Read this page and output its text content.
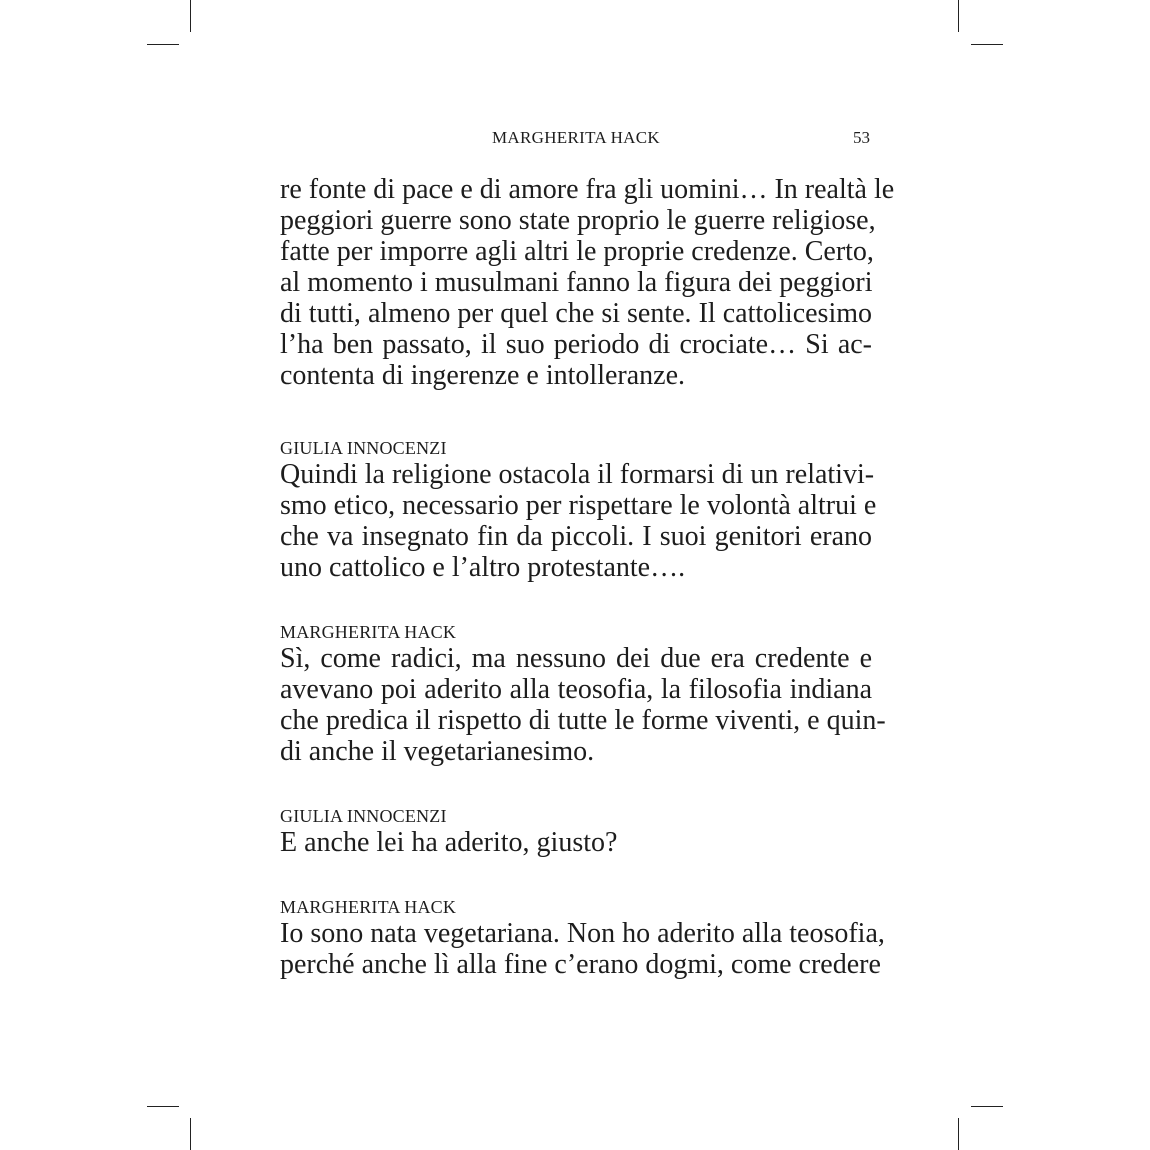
MARGHERITA HACK	53
re fonte di pace e di amore fra gli uomini… In realtà le
peggiori guerre sono state proprio le guerre religiose,
fatte per imporre agli altri le proprie credenze. Certo,
al momento i musulmani fanno la figura dei peggiori
di tutti, almeno per quel che si sente. Il cattolicesimo
l’ha ben passato, il suo periodo di crociate… Si ac-
contenta di ingerenze e intolleranze.
GIULIA INNOCENZI
Quindi la religione ostacola il formarsi di un relativi-
smo etico, necessario per rispettare le volontà altrui e
che va insegnato fin da piccoli. I suoi genitori erano
uno cattolico e l’altro protestante….
MARGHERITA HACK
Sì, come radici, ma nessuno dei due era credente e
avevano poi aderito alla teosofia, la filosofia indiana
che predica il rispetto di tutte le forme viventi, e quin-
di anche il vegetarianesimo.
GIULIA INNOCENZI
E anche lei ha aderito, giusto?
MARGHERITA HACK
Io sono nata vegetariana. Non ho aderito alla teosofia,
perché anche lì alla fine c’erano dogmi, come credere
